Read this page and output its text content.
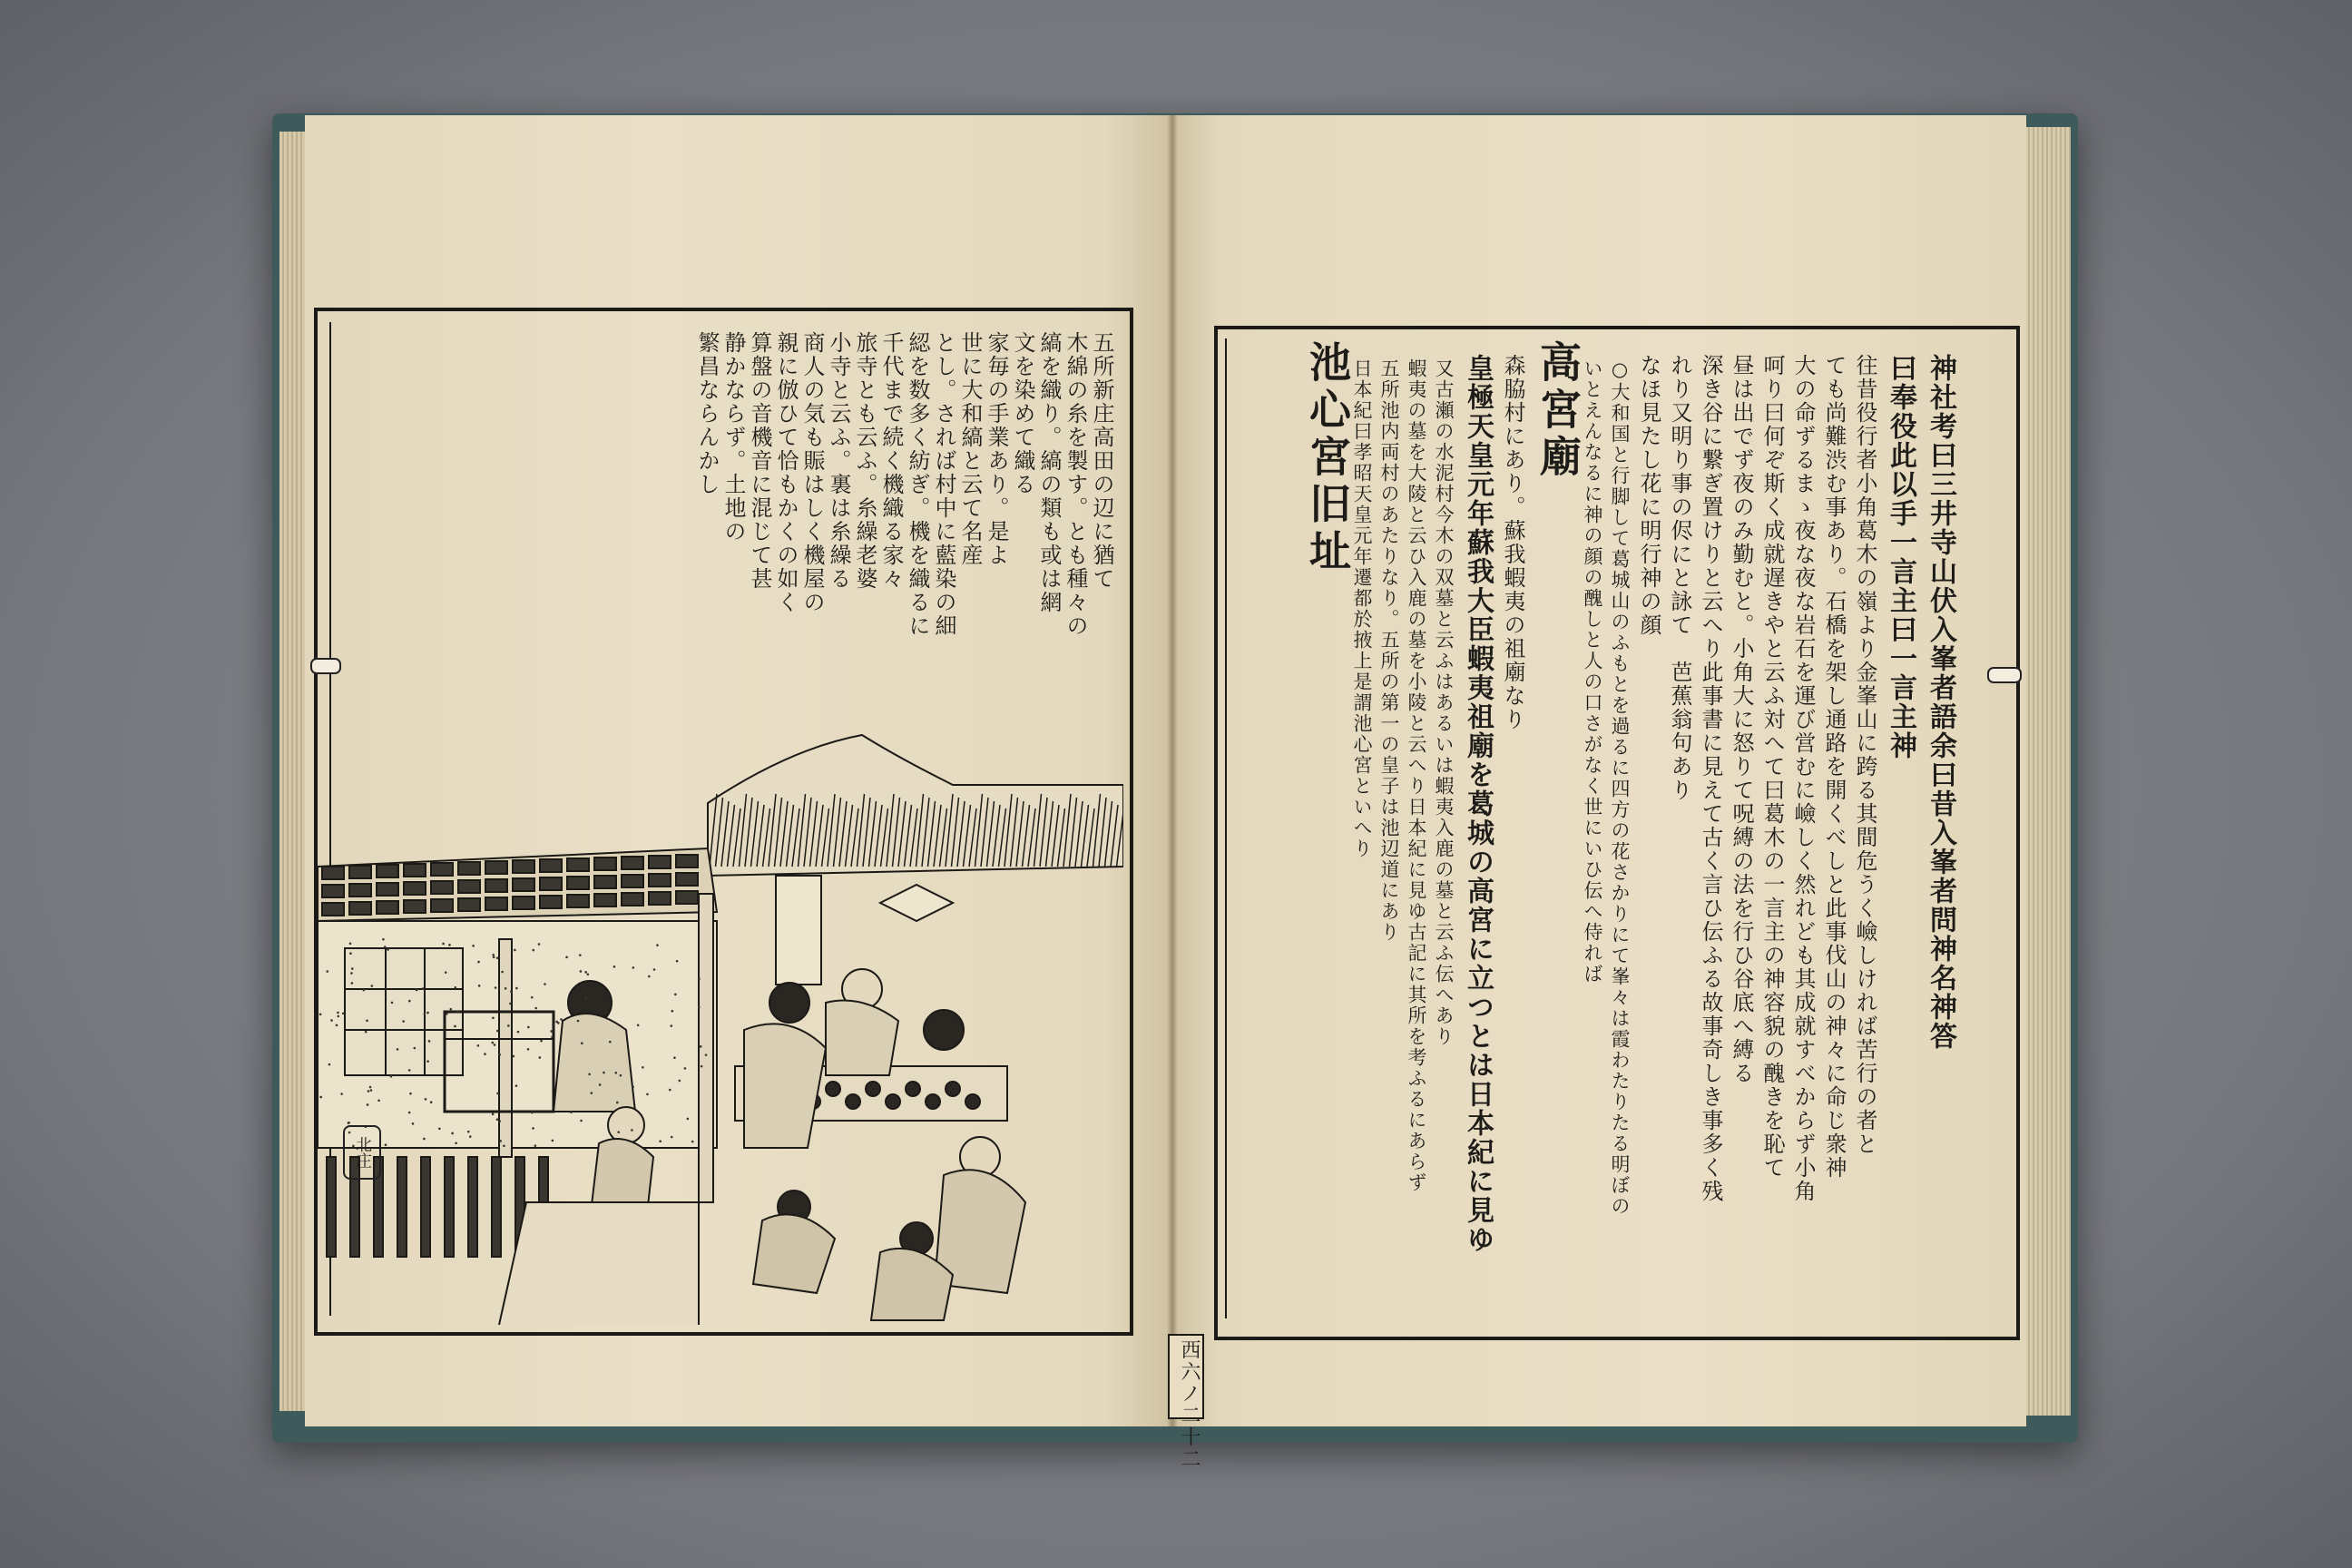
五所新庄高田の辺に猶て
木綿の糸を製す。とも種々の
縞を織り。縞の類も或は網
文を染めて織る
家毎の手業あり。是よ
世に大和縞と云て名産
とし。されば村中に藍染の細
綛を数多く紡ぎ。機を織るに
千代まで続く機織る家々
旅寺とも云ふ。糸繰老婆
小寺と云ふ。裏は糸繰る
商人の気も賑はしく機屋の
親に倣ひて恰もかくの如く
算盤の音機音に混じて甚
静かならず。土地の
繁昌ならんかし
北庄
神社考曰三井寺山伏入峯者語余曰昔入峯者問神名神答
曰奉役此以手一言主曰一言主神
往昔役行者小角葛木の嶺より金峯山に跨る其間危うく嶮しければ苦行の者と
ても尚難渋む事あり。石橋を架し通路を開くべしと此事伐山の神々に命じ衆神
大の命ずるまゝ夜な夜な岩石を運び営むに嶮しく然れども其成就すべからず小角
呵り曰何ぞ斯く成就遅きやと云ふ対へて曰葛木の一言主の神容貌の醜きを恥て
昼は出でず夜のみ勤むと。小角大に怒りて呪縛の法を行ひ谷底へ縛る
深き谷に繋ぎ置けりと云へり此事書に見えて古く言ひ伝ふる故事奇しき事多く残
れり又明り事の侭にと詠て　芭蕉翁句あり
なほ見たし花に明行神の顔
○大和国と行脚して葛城山のふもとを過るに四方の花さかりにて峯々は霞わたりたる明ぼの
いとえんなるに神の顔の醜しと人の口さがなく世にいひ伝へ侍れば
高宮廟
森脇村にあり。蘇我蝦夷の祖廟なり
皇極天皇元年蘇我大臣蝦夷祖廟を葛城の高宮に立つとは日本紀に見ゆ
又古瀬の水泥村今木の双墓と云ふはあるいは蝦夷入鹿の墓と云ふ伝へあり
蝦夷の墓を大陵と云ひ入鹿の墓を小陵と云へり日本紀に見ゆ古記に其所を考ふるにあらず
五所池内両村のあたりなり。五所の第一の皇子は池辺道にあり
日本紀曰孝昭天皇元年遷都於掖上是謂池心宮といへり
池心宮旧址
西六ノ二十二
